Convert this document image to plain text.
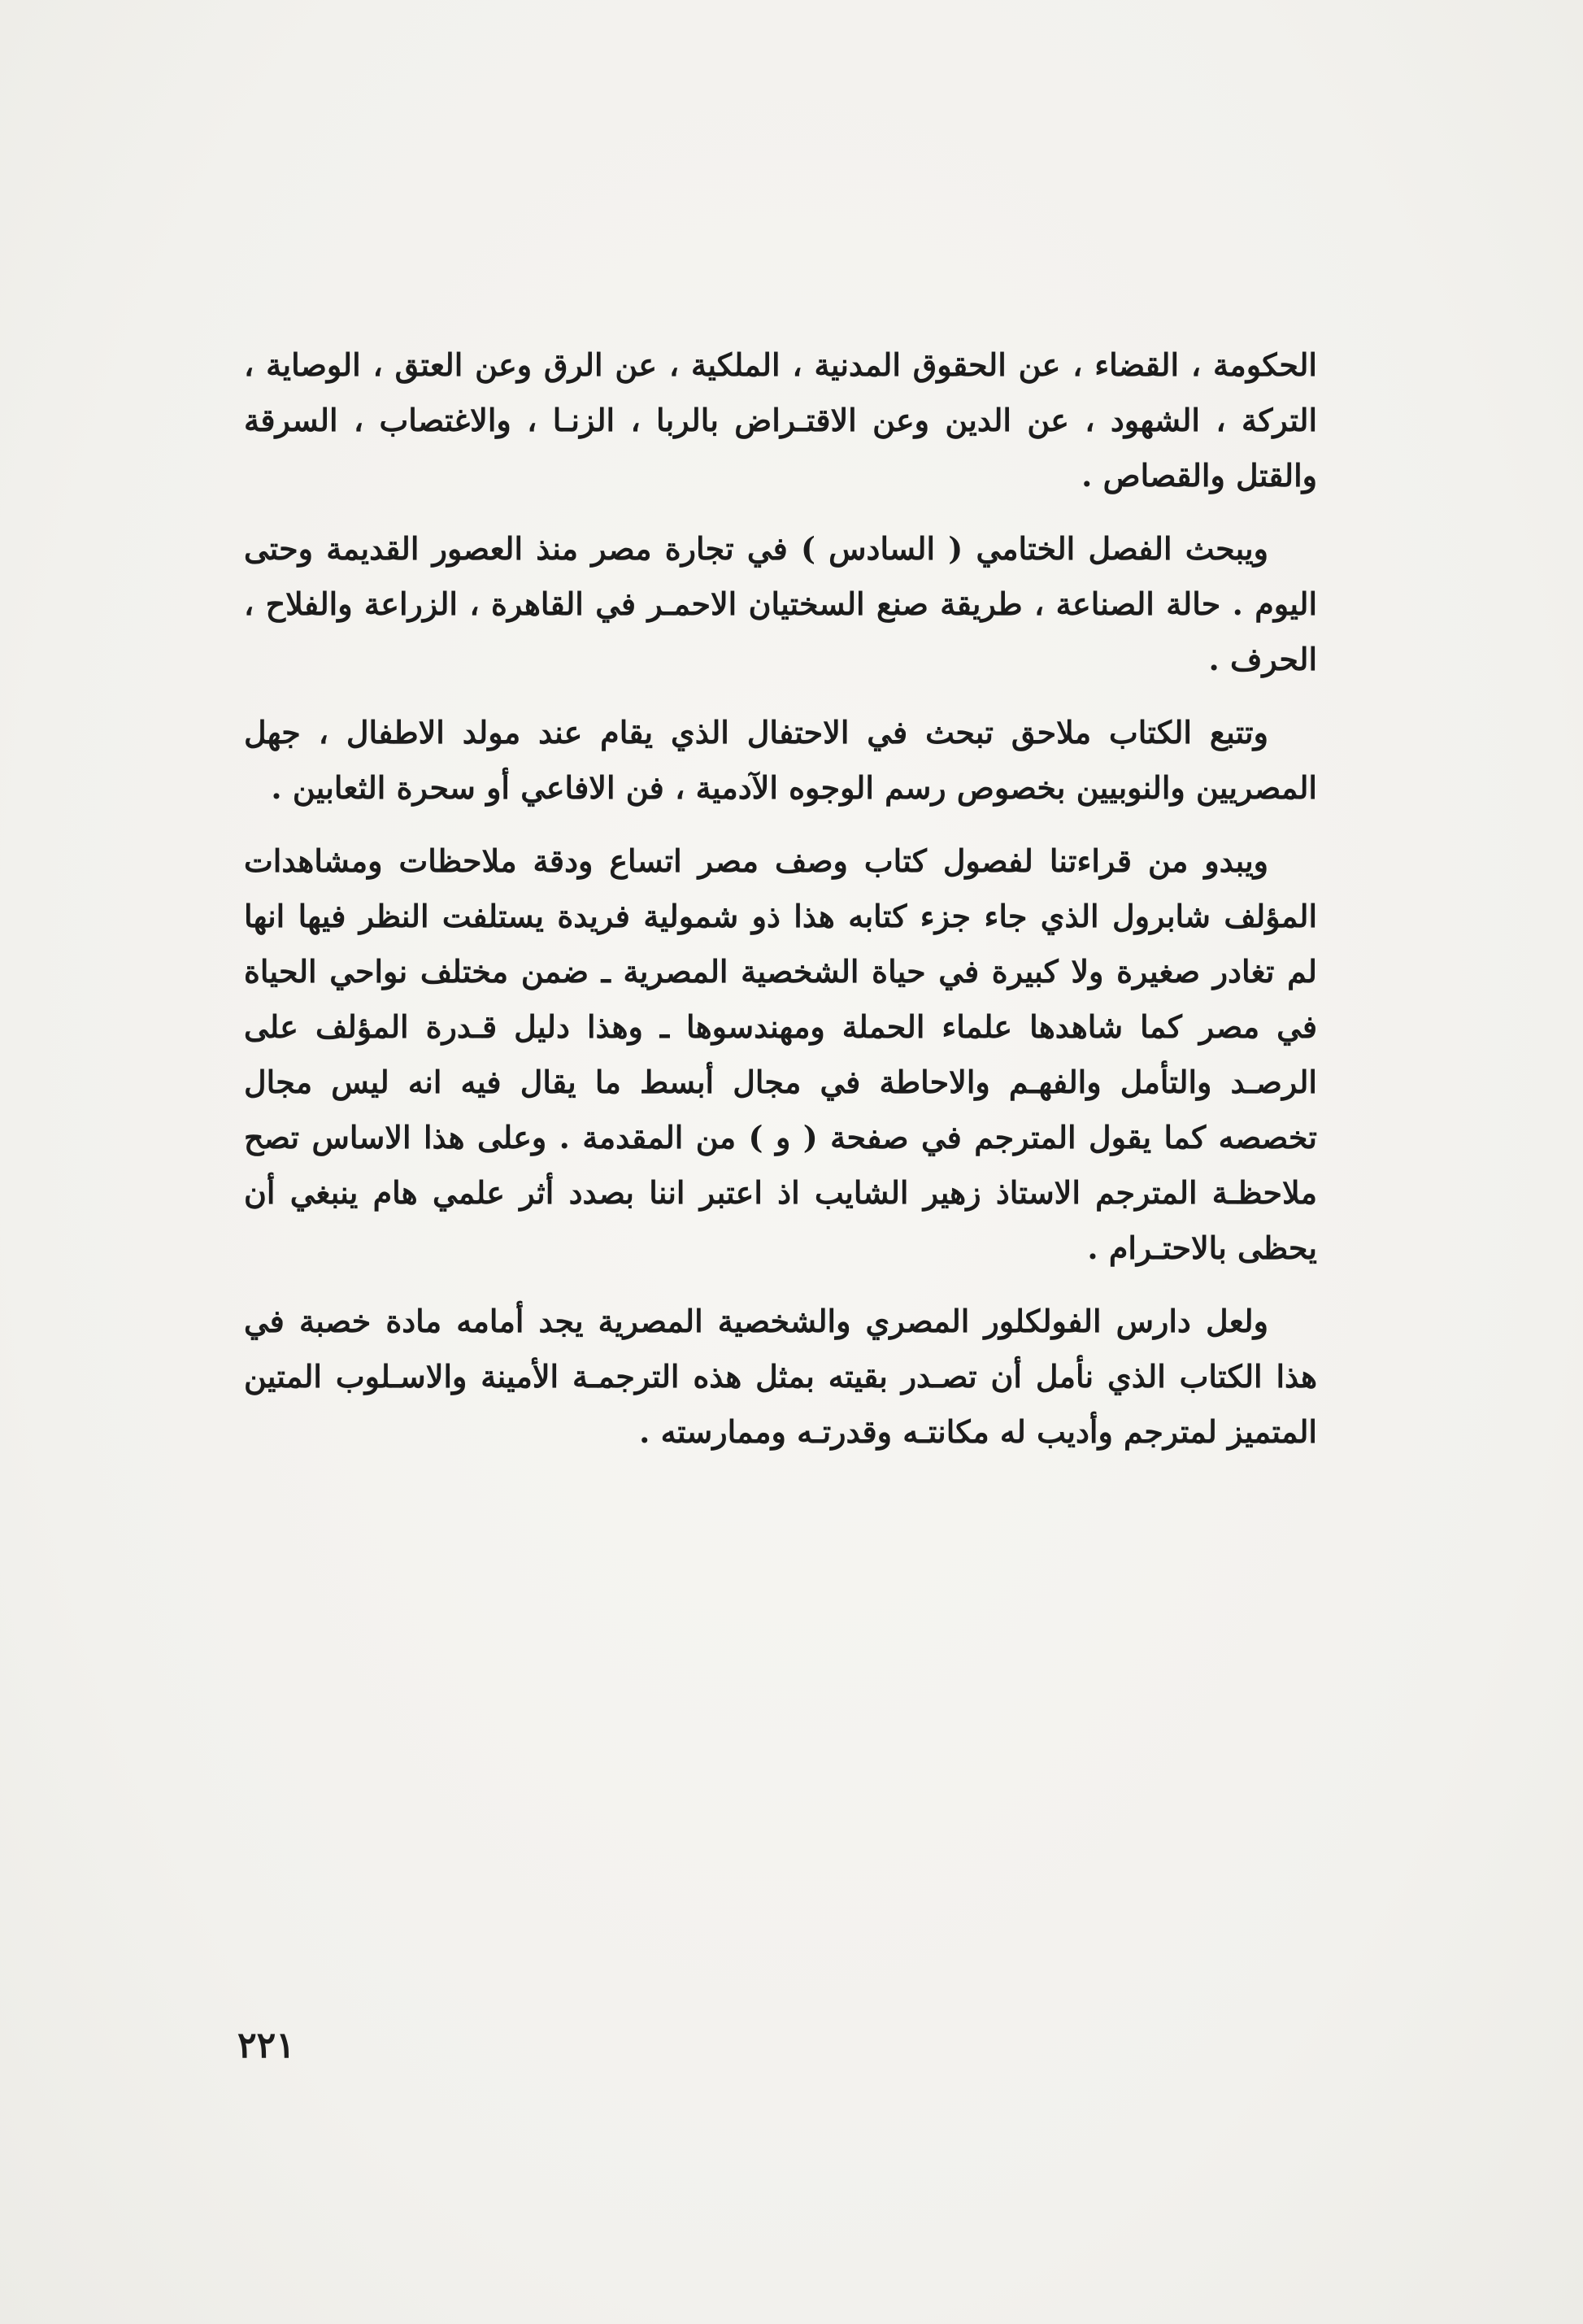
الحكومة ، القضاء ، عن الحقوق المدنية ، الملكية ، عن الرق وعن العتق ، الوصاية ، التركة ، الشهود ، عن الدين وعن الاقتـراض بالربا ، الزنـا ، والاغتصاب ، السرقة والقتل والقصاص .

ويبحث الفصل الختامي ( السادس ) في تجارة مصر منذ العصور القديمة وحتى اليوم . حالة الصناعة ، طريقة صنع السختيان الاحمـر في القاهرة ، الزراعة والفلاح ، الحرف .

وتتبع الكتاب ملاحق تبحث في الاحتفال الذي يقام عند مولد الاطفال ، جهل المصريين والنوبيين بخصوص رسم الوجوه الآدمية ، فن الافاعي أو سحرة الثعابين .

ويبدو من قراءتنا لفصول كتاب وصف مصر اتساع ودقة ملاحظات ومشاهدات المؤلف شابرول الذي جاء جزء كتابه هذا ذو شمولية فريدة يستلفت النظر فيها انها لم تغادر صغيرة ولا كبيرة في حياة الشخصية المصرية ـ ضمن مختلف نواحي الحياة في مصر كما شاهدها علماء الحملة ومهندسوها ـ وهذا دليل قـدرة المؤلف على الرصـد والتأمل والفهـم والاحاطة في مجال أبسط ما يقال فيه انه ليس مجال تخصصه كما يقول المترجم في صفحة ( و ) من المقدمة . وعلى هذا الاساس تصح ملاحظـة المترجم الاستاذ زهير الشايب اذ اعتبر اننا بصدد أثر علمي هام ينبغي أن يحظى بالاحتـرام .

ولعل دارس الفولكلور المصري والشخصية المصرية يجد أمامه مادة خصبة في هذا الكتاب الذي نأمل أن تصـدر بقيته بمثل هذه الترجمـة الأمينة والاسـلوب المتين المتميز لمترجم وأديب له مكانتـه وقدرتـه وممارسته .

٢٢١
